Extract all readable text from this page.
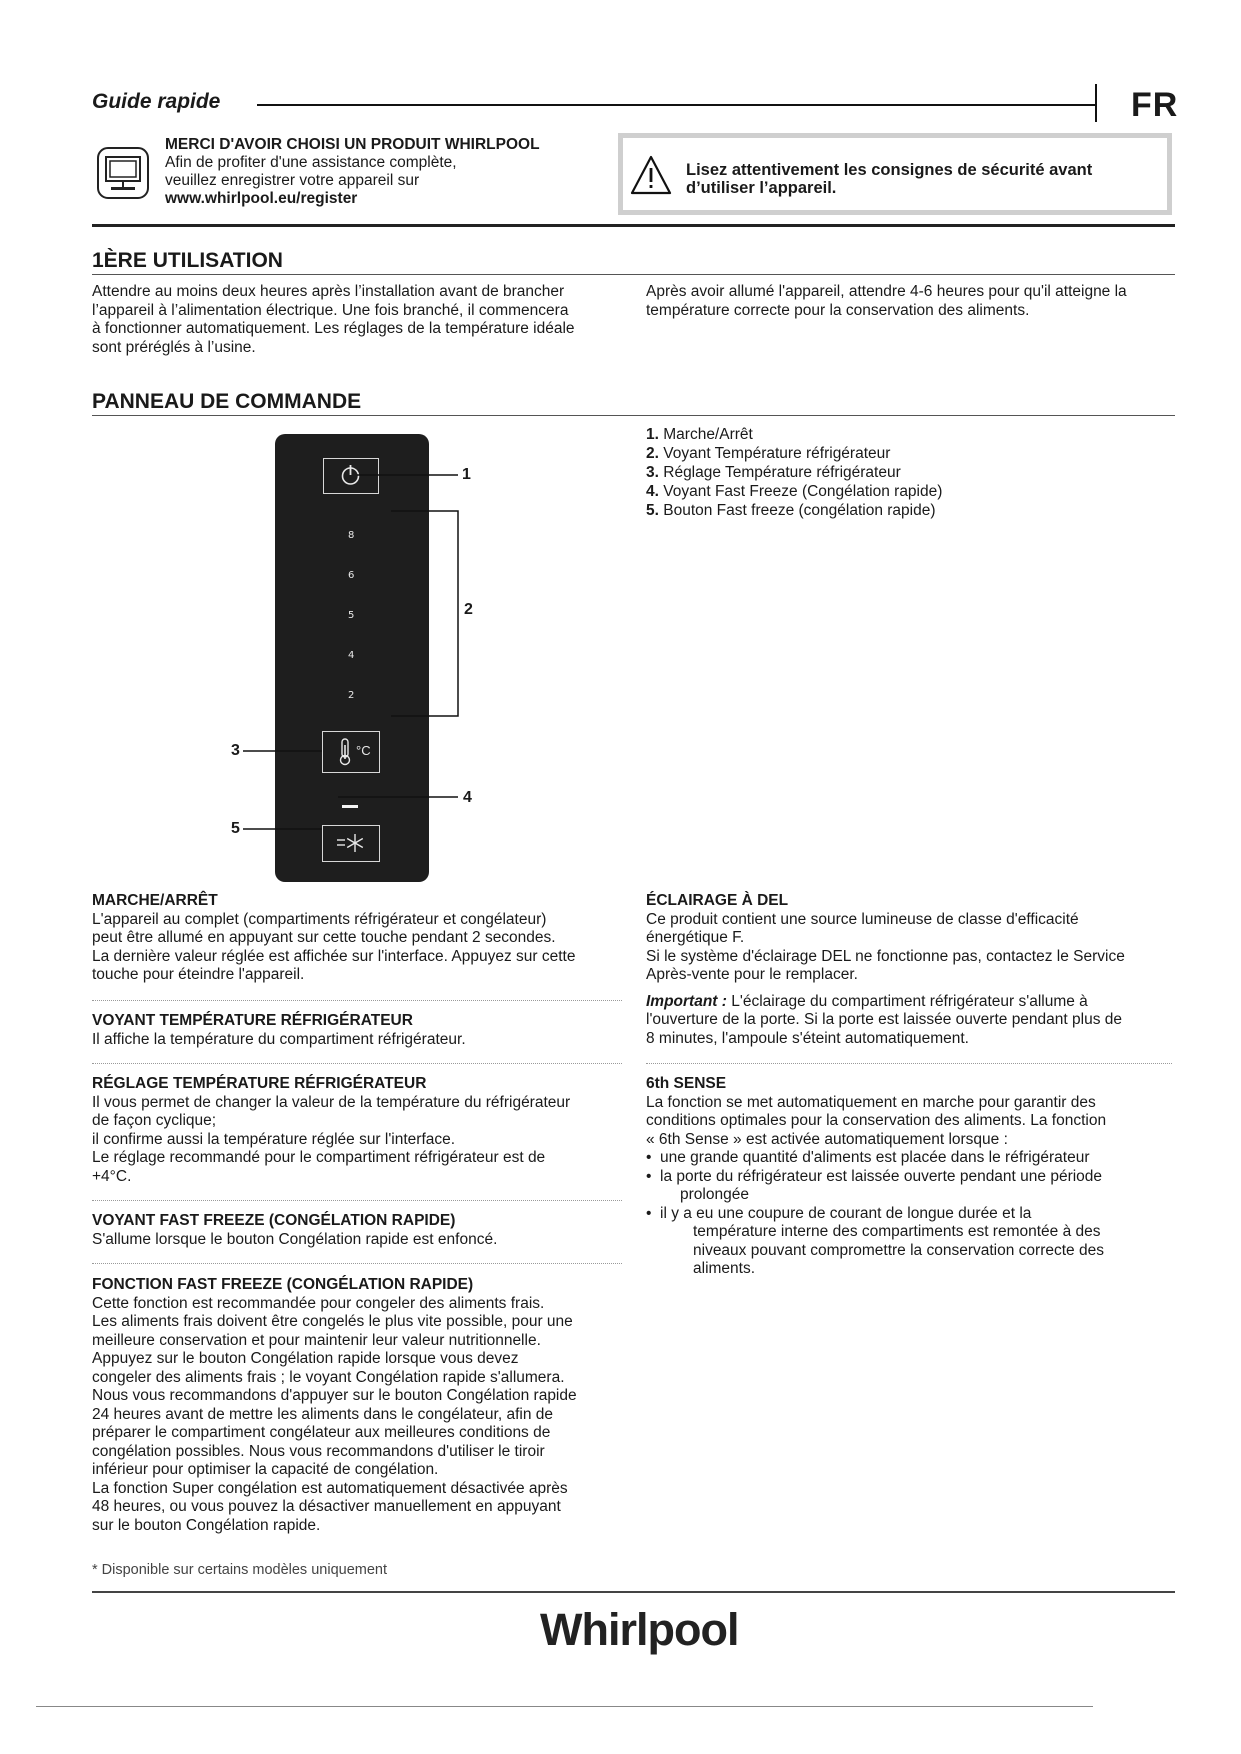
Guide rapide	FR
MERCI D'AVOIR CHOISI UN PRODUIT WHIRLPOOL
Afin de profiter d'une assistance complète,
veuillez enregistrer votre appareil sur
www.whirlpool.eu/register
Lisez attentivement les consignes de sécurité avant
d’utiliser l’appareil.
1ÈRE UTILISATION
Attendre au moins deux heures après l’installation avant de brancher
l’appareil à l’alimentation électrique. Une fois branché, il commencera
à fonctionner automatiquement. Les réglages de la température idéale
sont préréglés à l’usine.
Après avoir allumé l'appareil, attendre 4-6 heures pour qu'il atteigne la
température correcte pour la conservation des aliments.
PANNEAU DE COMMANDE
8
6
5
4
2
°C
1
2
3
4
5
1. Marche/Arrêt
2. Voyant Température réfrigérateur
3. Réglage Température réfrigérateur
4. Voyant Fast Freeze (Congélation rapide)
5. Bouton Fast freeze (congélation rapide)
MARCHE/ARRÊT
L'appareil au complet (compartiments réfrigérateur et congélateur)
peut être allumé en appuyant sur cette touche pendant 2 secondes.
La dernière valeur réglée est affichée sur l'interface. Appuyez sur cette
touche pour éteindre l'appareil.
VOYANT TEMPÉRATURE RÉFRIGÉRATEUR
Il affiche la température du compartiment réfrigérateur.
RÉGLAGE TEMPÉRATURE RÉFRIGÉRATEUR
Il vous permet de changer la valeur de la température du réfrigérateur
de façon cyclique;
il confirme aussi la température réglée sur l'interface.
Le réglage recommandé pour le compartiment réfrigérateur est de
+4°C.
VOYANT FAST FREEZE (CONGÉLATION RAPIDE)
S'allume lorsque le bouton Congélation rapide est enfoncé.
FONCTION FAST FREEZE (CONGÉLATION RAPIDE)
Cette fonction est recommandée pour congeler des aliments frais.
Les aliments frais doivent être congelés le plus vite possible, pour une
meilleure conservation et pour maintenir leur valeur nutritionnelle.
Appuyez sur le bouton Congélation rapide lorsque vous devez
congeler des aliments frais ; le voyant Congélation rapide s'allumera.
Nous vous recommandons d'appuyer sur le bouton Congélation rapide
24 heures avant de mettre les aliments dans le congélateur, afin de
préparer le compartiment congélateur aux meilleures conditions de
congélation possibles. Nous vous recommandons d'utiliser le tiroir
inférieur pour optimiser la capacité de congélation.
La fonction Super congélation est automatiquement désactivée après
48 heures, ou vous pouvez la désactiver manuellement en appuyant
sur le bouton Congélation rapide.
ÉCLAIRAGE À DEL
Ce produit contient une source lumineuse de classe d'efficacité
énergétique F.
Si le système d'éclairage DEL ne fonctionne pas, contactez le Service
Après-vente pour le remplacer.
Important : L'éclairage du compartiment réfrigérateur s'allume à
l'ouverture de la porte. Si la porte est laissée ouverte pendant plus de
8 minutes, l'ampoule s'éteint automatiquement.
6th SENSE
La fonction se met automatiquement en marche pour garantir des
conditions optimales pour la conservation des aliments. La fonction
« 6th Sense » est activée automatiquement lorsque :
• une grande quantité d'aliments est placée dans le réfrigérateur
• la porte du réfrigérateur est laissée ouverte pendant une période
prolongée
• il y a eu une coupure de courant de longue durée et la
température interne des compartiments est remontée à des
niveaux pouvant compromettre la conservation correcte des
aliments.
* Disponible sur certains modèles uniquement
Whirlpool
